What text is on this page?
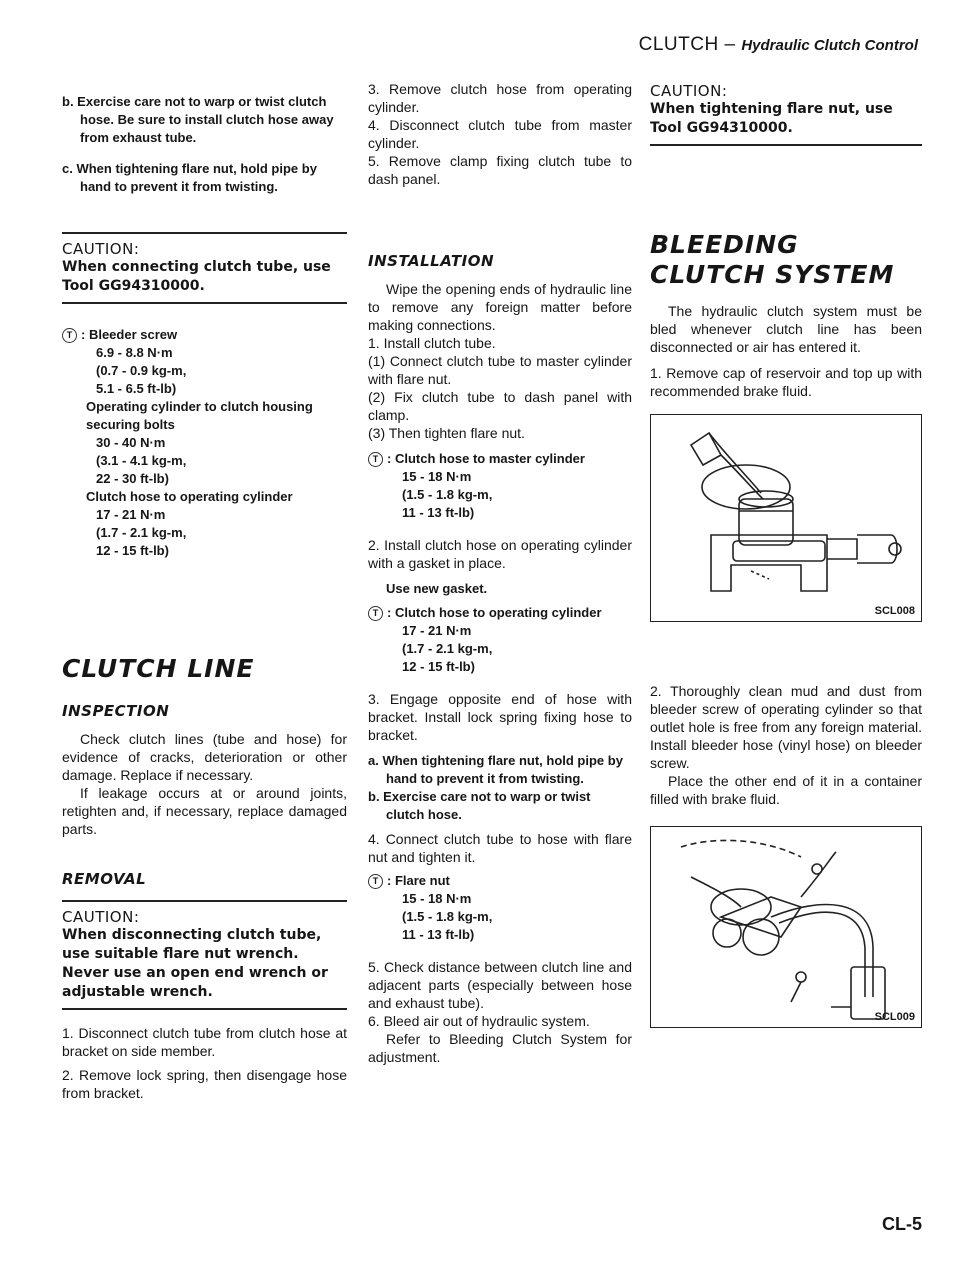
CLUTCH – Hydraulic Clutch Control

b. Exercise care not to warp or twist clutch hose. Be sure to install clutch hose away from exhaust tube.

c. When tightening flare nut, hold pipe by hand to prevent it from twisting.

CAUTION:
When connecting clutch tube, use Tool GG94310000.
T : Bleeder screw
6.9 - 8.8 N·m
(0.7 - 0.9 kg-m,
5.1 - 6.5 ft-lb)
Operating cylinder to clutch housing securing bolts
30 - 40 N·m
(3.1 - 4.1 kg-m,
22 - 30 ft-lb)
Clutch hose to operating cylinder
17 - 21 N·m
(1.7 - 2.1 kg-m,
12 - 15 ft-lb)
CLUTCH LINE
INSPECTION

Check clutch lines (tube and hose) for evidence of cracks, deterioration or other damage. Replace if necessary.

If leakage occurs at or around joints, retighten and, if necessary, replace damaged parts.

REMOVAL
CAUTION:
When disconnecting clutch tube, use suitable flare nut wrench.
Never use an open end wrench or adjustable wrench.

1. Disconnect clutch tube from clutch hose at bracket on side member.

2. Remove lock spring, then disengage hose from bracket.

3. Remove clutch hose from operating cylinder.

4. Disconnect clutch tube from master cylinder.

5. Remove clamp fixing clutch tube to dash panel.

INSTALLATION

Wipe the opening ends of hydraulic line to remove any foreign matter before making connections.

1. Install clutch tube.

(1) Connect clutch tube to master cylinder with flare nut.

(2) Fix clutch tube to dash panel with clamp.

(3) Then tighten flare nut.

T : Clutch hose to master cylinder
15 - 18 N·m
(1.5 - 1.8 kg-m,
11 - 13 ft-lb)

2. Install clutch hose on operating cylinder with a gasket in place.

Use new gasket.

T : Clutch hose to operating cylinder
17 - 21 N·m
(1.7 - 2.1 kg-m,
12 - 15 ft-lb)

3. Engage opposite end of hose with bracket. Install lock spring fixing hose to bracket.

a. When tightening flare nut, hold pipe by hand to prevent it from twisting.

b. Exercise care not to warp or twist clutch hose.

4. Connect clutch tube to hose with flare nut and tighten it.

T : Flare nut
15 - 18 N·m
(1.5 - 1.8 kg-m,
11 - 13 ft-lb)

5. Check distance between clutch line and adjacent parts (especially between hose and exhaust tube).

6. Bleed air out of hydraulic system.

Refer to Bleeding Clutch System for adjustment.

CAUTION:
When tightening flare nut, use Tool GG94310000.
BLEEDING CLUTCH SYSTEM

The hydraulic clutch system must be bled whenever clutch line has been disconnected or air has entered it.

1. Remove cap of reservoir and top up with recommended brake fluid.

SCL008

2. Thoroughly clean mud and dust from bleeder screw of operating cylinder so that outlet hole is free from any foreign material. Install bleeder hose (vinyl hose) on bleeder screw.

Place the other end of it in a container filled with brake fluid.

SCL009
CL-5
